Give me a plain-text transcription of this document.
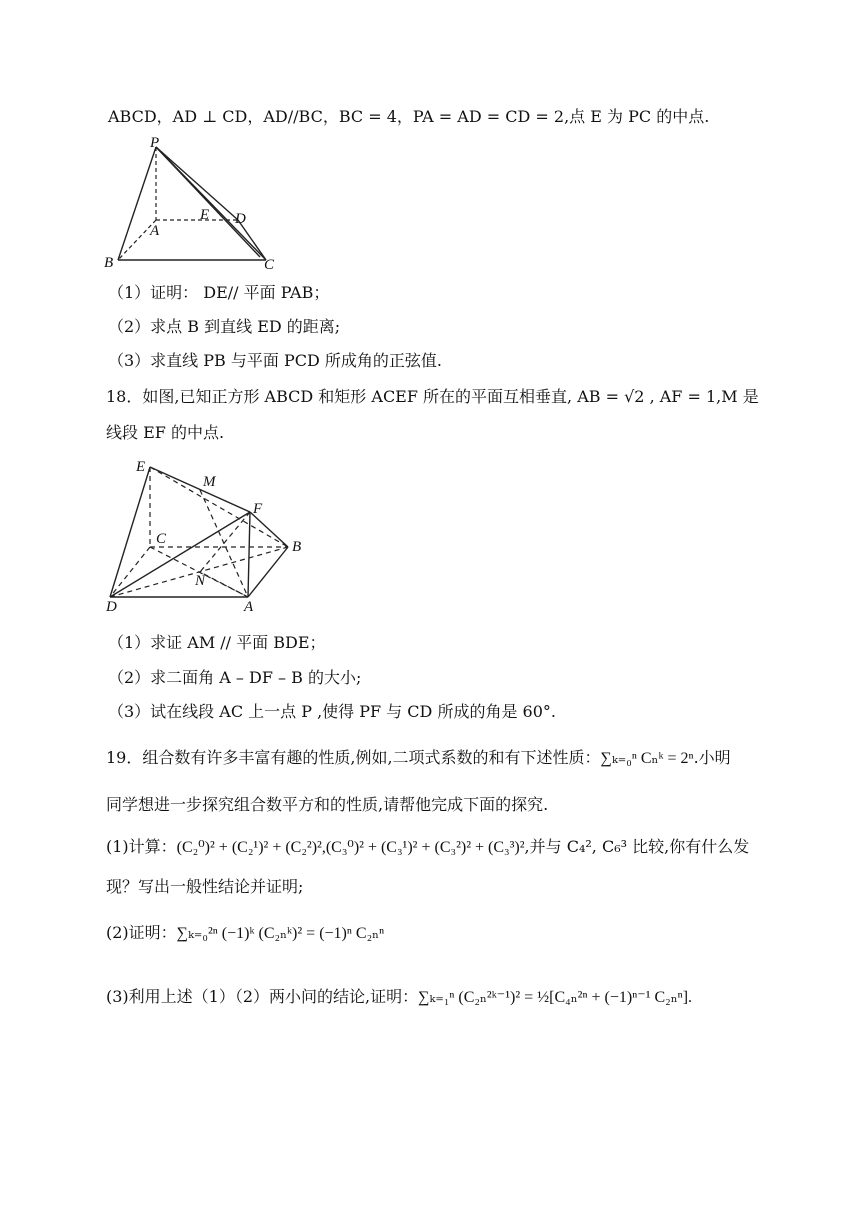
ABCD，AD ⊥ CD，AD//BC，BC = 4，PA = AD = CD = 2,点 E 为 PC 的中点.
P
A
B	C
D
E
（1）证明： DE// 平面 PAB；
（2）求点 B 到直线 ED 的距离;
（3）求直线 PB 与平面 PCD 所成角的正弦值.
18．如图,已知正方形 ABCD 和矩形 ACEF 所在的平面互相垂直, AB = √2 , AF = 1,M 是
线段 EF 的中点.
E
M
F
C	B
N
D	A
（1）求证 AM // 平面 BDE；
（2）求二面角 A – DF – B 的大小;
（3）试在线段 AC 上一点 P ,使得 PF 与 CD 所成的角是 60°.
19．组合数有许多丰富有趣的性质,例如,二项式系数的和有下述性质：∑ₖ₌₀ⁿ Cₙᵏ = 2ⁿ.小明
同学想进一步探究组合数平方和的性质,请帮他完成下面的探究.
(1)计算：(C₂⁰)² + (C₂¹)² + (C₂²)²,(C₃⁰)² + (C₃¹)² + (C₃²)² + (C₃³)²,并与 C₄², C₆³ 比较,你有什么发
现？写出一般性结论并证明;
(2)证明：∑ₖ₌₀²ⁿ (−1)ᵏ (C₂ₙᵏ)² = (−1)ⁿ C₂ₙⁿ
(3)利用上述（1）（2）两小问的结论,证明：∑ₖ₌₁ⁿ (C₂ₙ²ᵏ⁻¹)² = ½[C₄ₙ²ⁿ + (−1)ⁿ⁻¹ C₂ₙⁿ].
